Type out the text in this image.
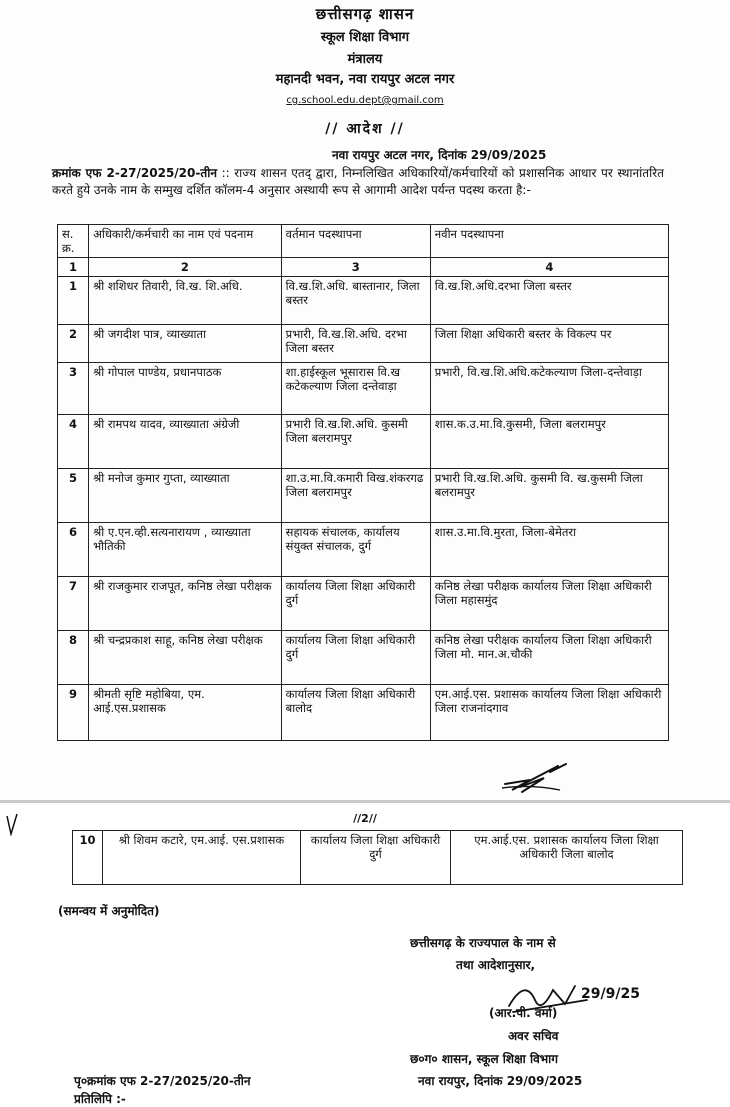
छत्तीसगढ़ शासन
स्कूल शिक्षा विभाग
मंत्रालय
महानदी भवन, नवा रायपुर अटल नगर
cg.school.edu.dept@gmail.com
// आदेश //
नवा रायपुर अटल नगर, दिनांक 29/09/2025
क्रमांक एफ 2-27/2025/20-तीन :: राज्य शासन एतद् द्वारा, निम्नलिखित अधिकारियों/कर्मचारियों को प्रशासनिक आधार पर स्थानांतरित करते हुये उनके नाम के सम्मुख दर्शित कॉलम-4 अनुसार अस्थायी रूप से आगामी आदेश पर्यन्त पदस्थ करता है:-
स. क्र.	अधिकारी/कर्मचारी का नाम एवं पदनाम	वर्तमान पदस्थापना	नवीन पदस्थापना
1	2	3	4
1	श्री शशिधर तिवारी, वि.ख. शि.अधि.	वि.ख.शि.अधि. बास्तानार, जिला बस्तर	वि.ख.शि.अधि.दरभा जिला बस्तर
2	श्री जगदीश पात्र, व्याख्याता	प्रभारी, वि.ख.शि.अधि. दरभा जिला बस्तर	जिला शिक्षा अधिकारी बस्तर के विकल्प पर
3	श्री गोपाल पाण्डेय, प्रधानपाठक	शा.हाईस्कूल भूसारास वि.ख कटेकल्याण जिला दन्तेवाड़ा	प्रभारी, वि.ख.शि.अधि.कटेकल्याण जिला-दन्तेवाड़ा
4	श्री रामपथ यादव, व्याख्याता अंग्रेजी	प्रभारी वि.ख.शि.अधि. कुसमी जिला बलरामपुर	शास.क.उ.मा.वि.कुसमी, जिला बलरामपुर
5	श्री मनोज कुमार गुप्ता, व्याख्याता	शा.उ.मा.वि.कमारी विख.शंकरगढ जिला बलरामपुर	प्रभारी वि.ख.शि.अधि. कुसमी वि. ख.कुसमी जिला बलरामपुर
6	श्री ए.एन.व्ही.सत्यनारायण , व्याख्याता भौतिकी	सहायक संचालक, कार्यालय संयुक्त संचालक, दुर्ग	शास.उ.मा.वि.मुरता, जिला-बेमेतरा
7	श्री राजकुमार राजपूत, कनिष्ठ लेखा परीक्षक	कार्यालय जिला शिक्षा अधिकारी दुर्ग	कनिष्ठ लेखा परीक्षक कार्यालय जिला शिक्षा अधिकारी जिला महासमुंद
8	श्री चन्द्रप्रकाश साहू, कनिष्ठ लेखा परीक्षक	कार्यालय जिला शिक्षा अधिकारी दुर्ग	कनिष्ठ लेखा परीक्षक कार्यालय जिला शिक्षा अधिकारी जिला मो. मान.अ.चौकी
9	श्रीमती सृष्टि महोबिया, एम. आई.एस.प्रशासक	कार्यालय जिला शिक्षा अधिकारी बालोद	एम.आई.एस. प्रशासक कार्यालय जिला शिक्षा अधिकारी जिला राजनांदगाव
//2//
10	श्री शिवम कटारे, एम.आई. एस.प्रशासक	कार्यालय जिला शिक्षा अधिकारी दुर्ग	एम.आई.एस. प्रशासक कार्यालय जिला शिक्षा अधिकारी जिला बालोद
(समन्वय में अनुमोदित)
छत्तीसगढ़ के राज्यपाल के नाम से
तथा आदेशानुसार,
29/9/25
(आर.पी. वर्मा)
अवर सचिव
छ०ग० शासन, स्कूल शिक्षा विभाग
पृ०क्रमांक एफ 2-27/2025/20-तीन	नवा रायपुर, दिनांक 29/09/2025
प्रतिलिपि :-
